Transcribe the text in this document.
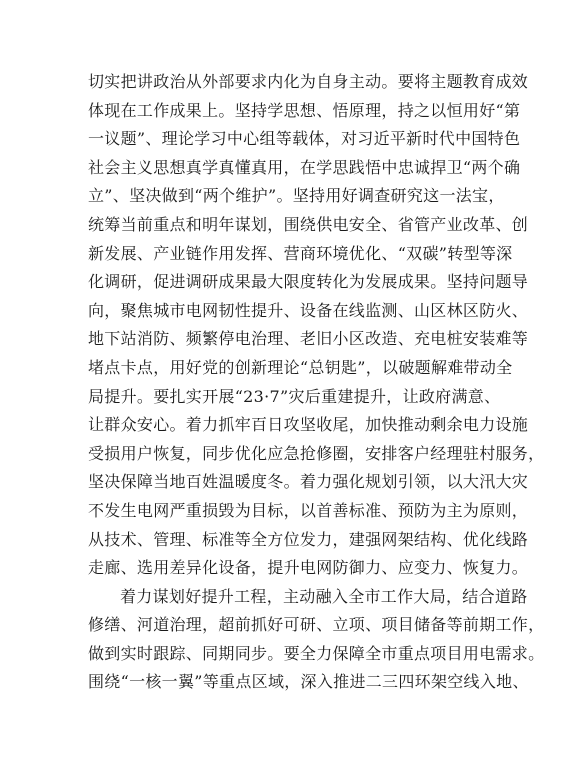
切实把讲政治从外部要求内化为自身主动。要将主题教育成效
体现在工作成果上。坚持学思想、悟原理，持之以恒用好“第
一议题”、理论学习中心组等载体，对习近平新时代中国特色
社会主义思想真学真懂真用，在学思践悟中忠诚捍卫“两个确
立”、坚决做到“两个维护”。坚持用好调查研究这一法宝，
统筹当前重点和明年谋划，围绕供电安全、省管产业改革、创
新发展、产业链作用发挥、营商环境优化、“双碳”转型等深
化调研，促进调研成果最大限度转化为发展成果。坚持问题导
向，聚焦城市电网韧性提升、设备在线监测、山区林区防火、
地下站消防、频繁停电治理、老旧小区改造、充电桩安装难等
堵点卡点，用好党的创新理论“总钥匙”，以破题解难带动全
局提升。要扎实开展“23·7”灾后重建提升，让政府满意、
让群众安心。着力抓牢百日攻坚收尾，加快推动剩余电力设施
受损用户恢复，同步优化应急抢修圈，安排客户经理驻村服务，
坚决保障当地百姓温暖度冬。着力强化规划引领，以大汛大灾
不发生电网严重损毁为目标，以首善标准、预防为主为原则，
从技术、管理、标准等全方位发力，建强网架结构、优化线路
走廊、选用差异化设备，提升电网防御力、应变力、恢复力。
着力谋划好提升工程，主动融入全市工作大局，结合道路
修缮、河道治理，超前抓好可研、立项、项目储备等前期工作，
做到实时跟踪、同期同步。要全力保障全市重点项目用电需求。
围绕“一核一翼”等重点区域，深入推进二三四环架空线入地、
